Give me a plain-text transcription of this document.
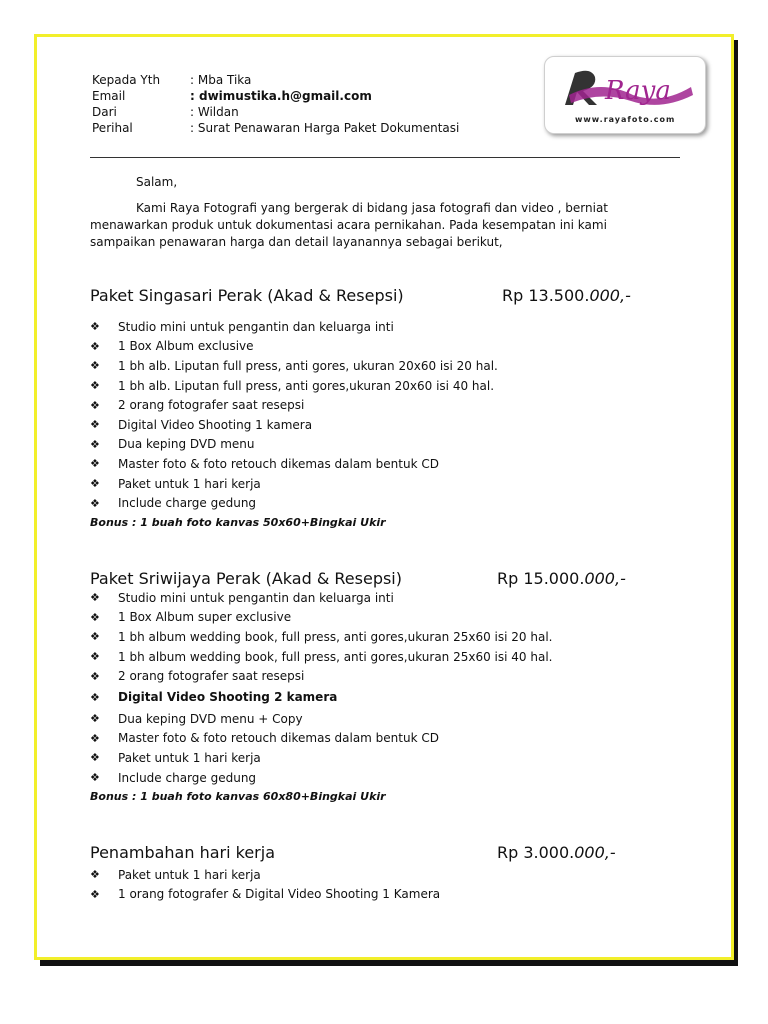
Kepada Yth	: Mba Tika
Email	: dwimustika.h@gmail.com
Dari	: Wildan
Perihal	: Surat Penawaran Harga Paket Dokumentasi
Raya
www.rayafoto.com
Salam,
Kami Raya Fotografi yang bergerak di bidang jasa fotografi dan video , berniat menawarkan produk untuk dokumentasi acara pernikahan. Pada kesempatan ini kami sampaikan penawaran harga dan detail layanannya sebagai berikut,
Paket Singasari Perak (Akad & Resepsi)	Rp 13.500.000,-
❖	Studio mini untuk pengantin dan keluarga inti
❖	1 Box Album exclusive
❖	1 bh alb. Liputan full press, anti gores, ukuran 20x60 isi 20 hal.
❖	1 bh alb. Liputan full press, anti gores,ukuran 20x60 isi 40 hal.
❖	2 orang fotografer saat resepsi
❖	Digital Video Shooting 1 kamera
❖	Dua keping DVD menu
❖	Master foto & foto retouch dikemas dalam bentuk CD
❖	Paket untuk 1 hari kerja
❖	Include charge gedung
Bonus : 1 buah foto kanvas 50x60+Bingkai Ukir
Paket Sriwijaya Perak (Akad & Resepsi)	Rp 15.000.000,-
❖	Studio mini untuk pengantin dan keluarga inti
❖	1 Box Album super exclusive
❖	1 bh album wedding book, full press, anti gores,ukuran 25x60 isi 20 hal.
❖	1 bh album wedding book, full press, anti gores,ukuran 25x60 isi 40 hal.
❖	2 orang fotografer saat resepsi
❖	Digital Video Shooting 2 kamera
❖	Dua keping DVD menu + Copy
❖	Master foto & foto retouch dikemas dalam bentuk CD
❖	Paket untuk 1 hari kerja
❖	Include charge gedung
Bonus : 1 buah foto kanvas 60x80+Bingkai Ukir
Penambahan hari kerja	Rp 3.000.000,-
❖	Paket untuk 1 hari kerja
❖	1 orang fotografer & Digital Video Shooting 1 Kamera
